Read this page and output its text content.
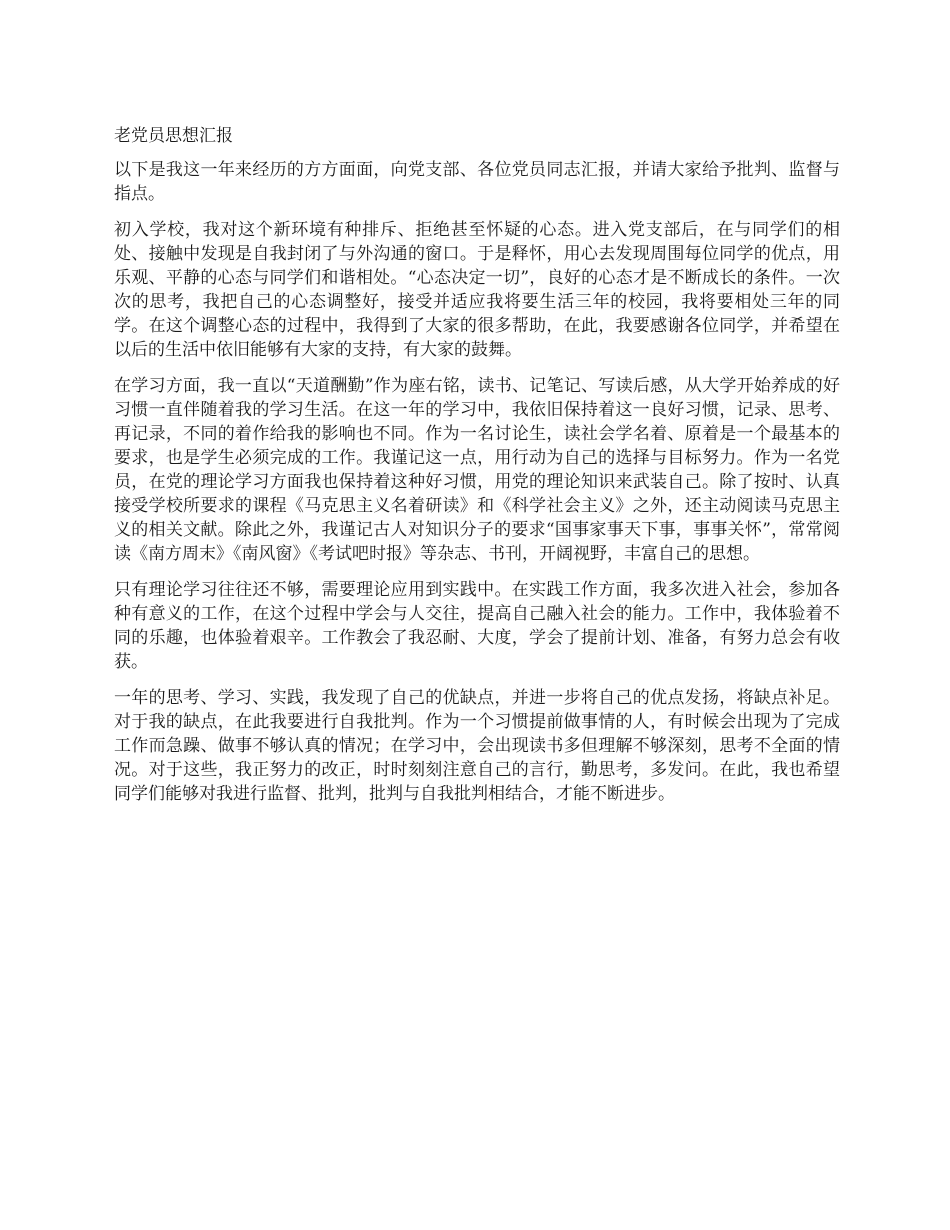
老党员思想汇报

以下是我这一年来经历的方方面面，向党支部、各位党员同志汇报，并请大家给予批判、监督与指点。

初入学校，我对这个新环境有种排斥、拒绝甚至怀疑的心态。进入党支部后，在与同学们的相处、接触中发现是自我封闭了与外沟通的窗口。于是释怀，用心去发现周围每位同学的优点，用乐观、平静的心态与同学们和谐相处。“心态决定一切”，良好的心态才是不断成长的条件。一次次的思考，我把自己的心态调整好，接受并适应我将要生活三年的校园，我将要相处三年的同学。在这个调整心态的过程中，我得到了大家的很多帮助，在此，我要感谢各位同学，并希望在以后的生活中依旧能够有大家的支持，有大家的鼓舞。

在学习方面，我一直以“天道酬勤”作为座右铭，读书、记笔记、写读后感，从大学开始养成的好习惯一直伴随着我的学习生活。在这一年的学习中，我依旧保持着这一良好习惯，记录、思考、再记录，不同的着作给我的影响也不同。作为一名讨论生，读社会学名着、原着是一个最基本的要求，也是学生必须完成的工作。我谨记这一点，用行动为自己的选择与目标努力。作为一名党员，在党的理论学习方面我也保持着这种好习惯，用党的理论知识来武装自己。除了按时、认真接受学校所要求的课程《马克思主义名着研读》和《科学社会主义》之外，还主动阅读马克思主义的相关文献。除此之外，我谨记古人对知识分子的要求“国事家事天下事，事事关怀”，常常阅读《南方周末》《南风窗》《考试吧时报》等杂志、书刊，开阔视野，丰富自己的思想。

只有理论学习往往还不够，需要理论应用到实践中。在实践工作方面，我多次进入社会，参加各种有意义的工作，在这个过程中学会与人交往，提高自己融入社会的能力。工作中，我体验着不同的乐趣，也体验着艰辛。工作教会了我忍耐、大度，学会了提前计划、准备，有努力总会有收获。

一年的思考、学习、实践，我发现了自己的优缺点，并进一步将自己的优点发扬，将缺点补足。对于我的缺点，在此我要进行自我批判。作为一个习惯提前做事情的人，有时候会出现为了完成工作而急躁、做事不够认真的情况；在学习中，会出现读书多但理解不够深刻，思考不全面的情况。对于这些，我正努力的改正，时时刻刻注意自己的言行，勤思考，多发问。在此，我也希望同学们能够对我进行监督、批判，批判与自我批判相结合，才能不断进步。
